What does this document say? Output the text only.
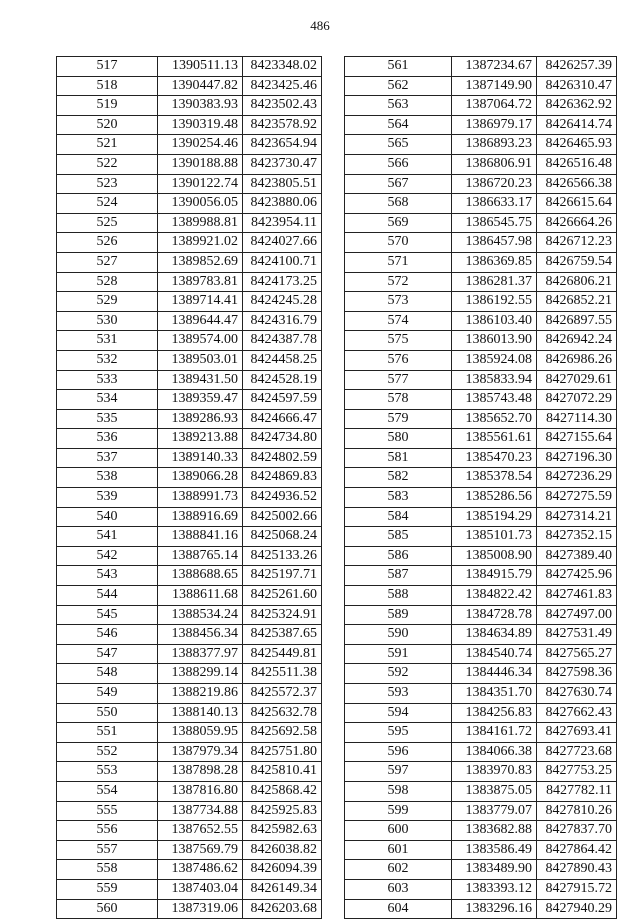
486
517	1390511.13	8423348.02
518	1390447.82	8423425.46
519	1390383.93	8423502.43
520	1390319.48	8423578.92
521	1390254.46	8423654.94
522	1390188.88	8423730.47
523	1390122.74	8423805.51
524	1390056.05	8423880.06
525	1389988.81	8423954.11
526	1389921.02	8424027.66
527	1389852.69	8424100.71
528	1389783.81	8424173.25
529	1389714.41	8424245.28
530	1389644.47	8424316.79
531	1389574.00	8424387.78
532	1389503.01	8424458.25
533	1389431.50	8424528.19
534	1389359.47	8424597.59
535	1389286.93	8424666.47
536	1389213.88	8424734.80
537	1389140.33	8424802.59
538	1389066.28	8424869.83
539	1388991.73	8424936.52
540	1388916.69	8425002.66
541	1388841.16	8425068.24
542	1388765.14	8425133.26
543	1388688.65	8425197.71
544	1388611.68	8425261.60
545	1388534.24	8425324.91
546	1388456.34	8425387.65
547	1388377.97	8425449.81
548	1388299.14	8425511.38
549	1388219.86	8425572.37
550	1388140.13	8425632.78
551	1388059.95	8425692.58
552	1387979.34	8425751.80
553	1387898.28	8425810.41
554	1387816.80	8425868.42
555	1387734.88	8425925.83
556	1387652.55	8425982.63
557	1387569.79	8426038.82
558	1387486.62	8426094.39
559	1387403.04	8426149.34
560	1387319.06	8426203.68
561	1387234.67	8426257.39
562	1387149.90	8426310.47
563	1387064.72	8426362.92
564	1386979.17	8426414.74
565	1386893.23	8426465.93
566	1386806.91	8426516.48
567	1386720.23	8426566.38
568	1386633.17	8426615.64
569	1386545.75	8426664.26
570	1386457.98	8426712.23
571	1386369.85	8426759.54
572	1386281.37	8426806.21
573	1386192.55	8426852.21
574	1386103.40	8426897.55
575	1386013.90	8426942.24
576	1385924.08	8426986.26
577	1385833.94	8427029.61
578	1385743.48	8427072.29
579	1385652.70	8427114.30
580	1385561.61	8427155.64
581	1385470.23	8427196.30
582	1385378.54	8427236.29
583	1385286.56	8427275.59
584	1385194.29	8427314.21
585	1385101.73	8427352.15
586	1385008.90	8427389.40
587	1384915.79	8427425.96
588	1384822.42	8427461.83
589	1384728.78	8427497.00
590	1384634.89	8427531.49
591	1384540.74	8427565.27
592	1384446.34	8427598.36
593	1384351.70	8427630.74
594	1384256.83	8427662.43
595	1384161.72	8427693.41
596	1384066.38	8427723.68
597	1383970.83	8427753.25
598	1383875.05	8427782.11
599	1383779.07	8427810.26
600	1383682.88	8427837.70
601	1383586.49	8427864.42
602	1383489.90	8427890.43
603	1383393.12	8427915.72
604	1383296.16	8427940.29
